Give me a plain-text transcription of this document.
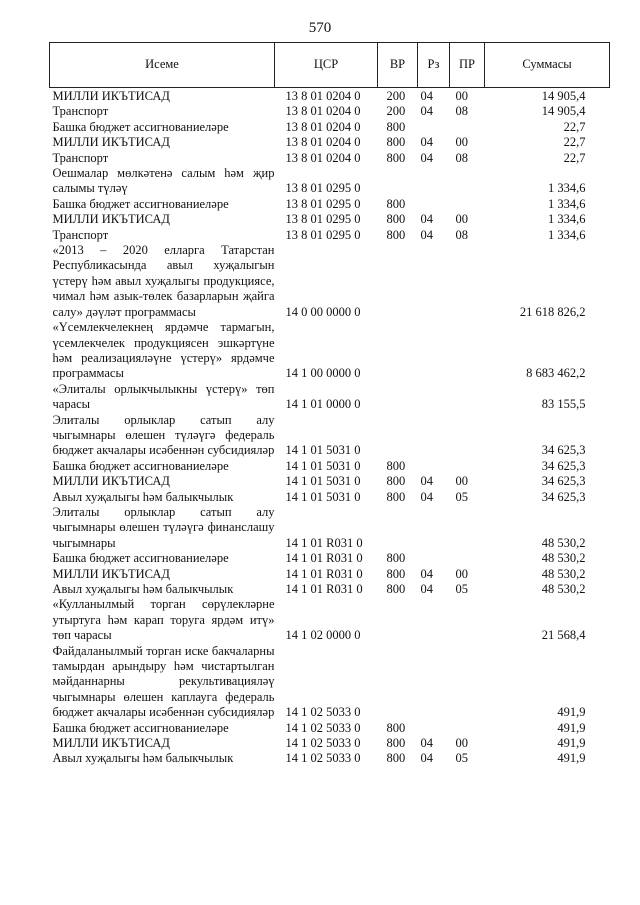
570
Исеме	ЦСР	ВР	Рз	ПР	Суммасы
МИЛЛИ ИКЪТИСАД	13 8 01 0204 0	200	04	00	14 905,4
Транспорт	13 8 01 0204 0	200	04	08	14 905,4
Башка бюджет ассигнованиеләре	13 8 01 0204 0	800			22,7
МИЛЛИ ИКЪТИСАД	13 8 01 0204 0	800	04	00	22,7
Транспорт	13 8 01 0204 0	800	04	08	22,7
Оешмалар мөлкәтенә салым һәм җир салымы түләү	13 8 01 0295 0				1 334,6
Башка бюджет ассигнованиеләре	13 8 01 0295 0	800			1 334,6
МИЛЛИ ИКЪТИСАД	13 8 01 0295 0	800	04	00	1 334,6
Транспорт	13 8 01 0295 0	800	04	08	1 334,6
«2013 – 2020 елларга Татарстан Республикасында авыл хуҗалыгын үстерү һәм авыл хуҗалыгы продукциясе, чимал һәм азык-төлек базарларын җайга салу» дәүләт программасы	14 0 00 0000 0				21 618 826,2
«Үсемлекчелекнең ярдәмче тармагын, үсемлекчелек продукциясен эшкәртүне һәм реализацияләүне үстерү» ярдәмче программасы	14 1 00 0000 0				8 683 462,2
«Элиталы орлыкчылыкны үстерү» төп чарасы	14 1 01 0000 0				83 155,5
Элиталы орлыклар сатып алу чыгымнары өлешен түләүгә федераль бюджет акчалары исәбеннән субсидияләр	14 1 01 5031 0				34 625,3
Башка бюджет ассигнованиеләре	14 1 01 5031 0	800			34 625,3
МИЛЛИ ИКЪТИСАД	14 1 01 5031 0	800	04	00	34 625,3
Авыл хуҗалыгы һәм балыкчылык	14 1 01 5031 0	800	04	05	34 625,3
Элиталы орлыклар сатып алу чыгымнары өлешен түләүгә финанслашу чыгымнары	14 1 01 R031 0				48 530,2
Башка бюджет ассигнованиеләре	14 1 01 R031 0	800			48 530,2
МИЛЛИ ИКЪТИСАД	14 1 01 R031 0	800	04	00	48 530,2
Авыл хуҗалыгы һәм балыкчылык	14 1 01 R031 0	800	04	05	48 530,2
«Кулланылмый торган сөрүлекләрне утыртуга һәм карап торуга ярдәм итү» төп чарасы	14 1 02 0000 0				21 568,4
Файдаланылмый торган иске бакчаларны тамырдан арындыру һәм чистартылган мәйданнарны рекультивацияләү чыгымнары өлешен каплауга федераль бюджет акчалары исәбеннән субсидияләр	14 1 02 5033 0				491,9
Башка бюджет ассигнованиеләре	14 1 02 5033 0	800			491,9
МИЛЛИ ИКЪТИСАД	14 1 02 5033 0	800	04	00	491,9
Авыл хуҗалыгы һәм балыкчылык	14 1 02 5033 0	800	04	05	491,9
